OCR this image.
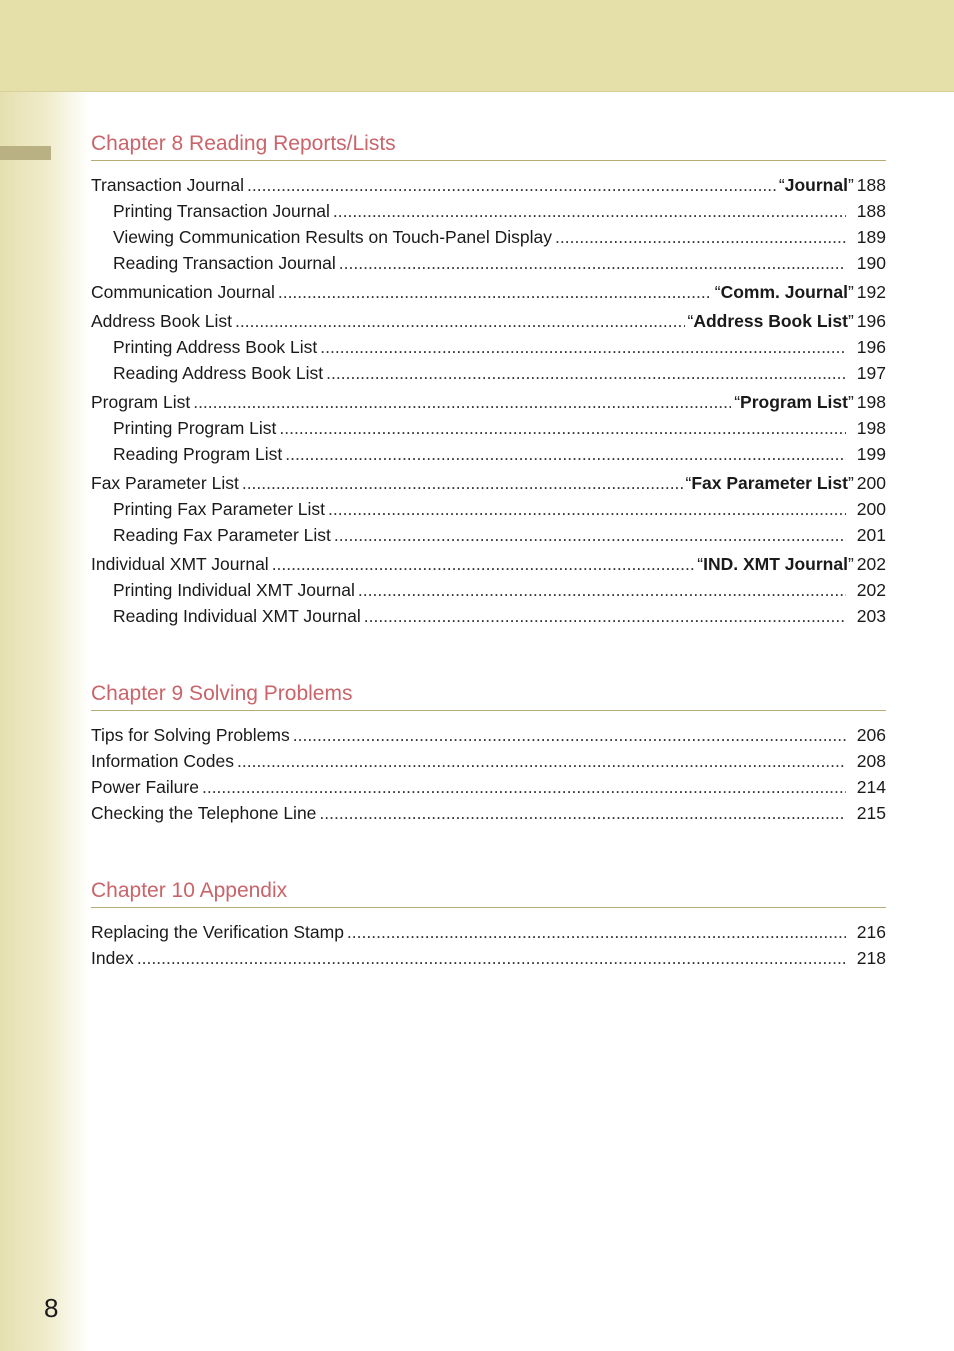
Chapter 8 Reading Reports/Lists
Transaction Journal .....	“Journal” 188
Printing Transaction Journal .....	188
Viewing Communication Results on Touch-Panel Display .....	189
Reading Transaction Journal .....	190
Communication Journal .....	“Comm. Journal” 192
Address Book List .....	“Address Book List” 196
Printing Address Book List .....	196
Reading Address Book List .....	197
Program List .....	“Program List” 198
Printing Program List .....	198
Reading Program List .....	199
Fax Parameter List .....	“Fax Parameter List” 200
Printing Fax Parameter List .....	200
Reading Fax Parameter List .....	201
Individual XMT Journal .....	“IND. XMT Journal” 202
Printing Individual XMT Journal .....	202
Reading Individual XMT Journal .....	203
Chapter 9 Solving Problems
Tips for Solving Problems .....	206
Information Codes .....	208
Power Failure .....	214
Checking the Telephone Line .....	215
Chapter 10 Appendix
Replacing the Verification Stamp .....	216
Index .....	218
8
